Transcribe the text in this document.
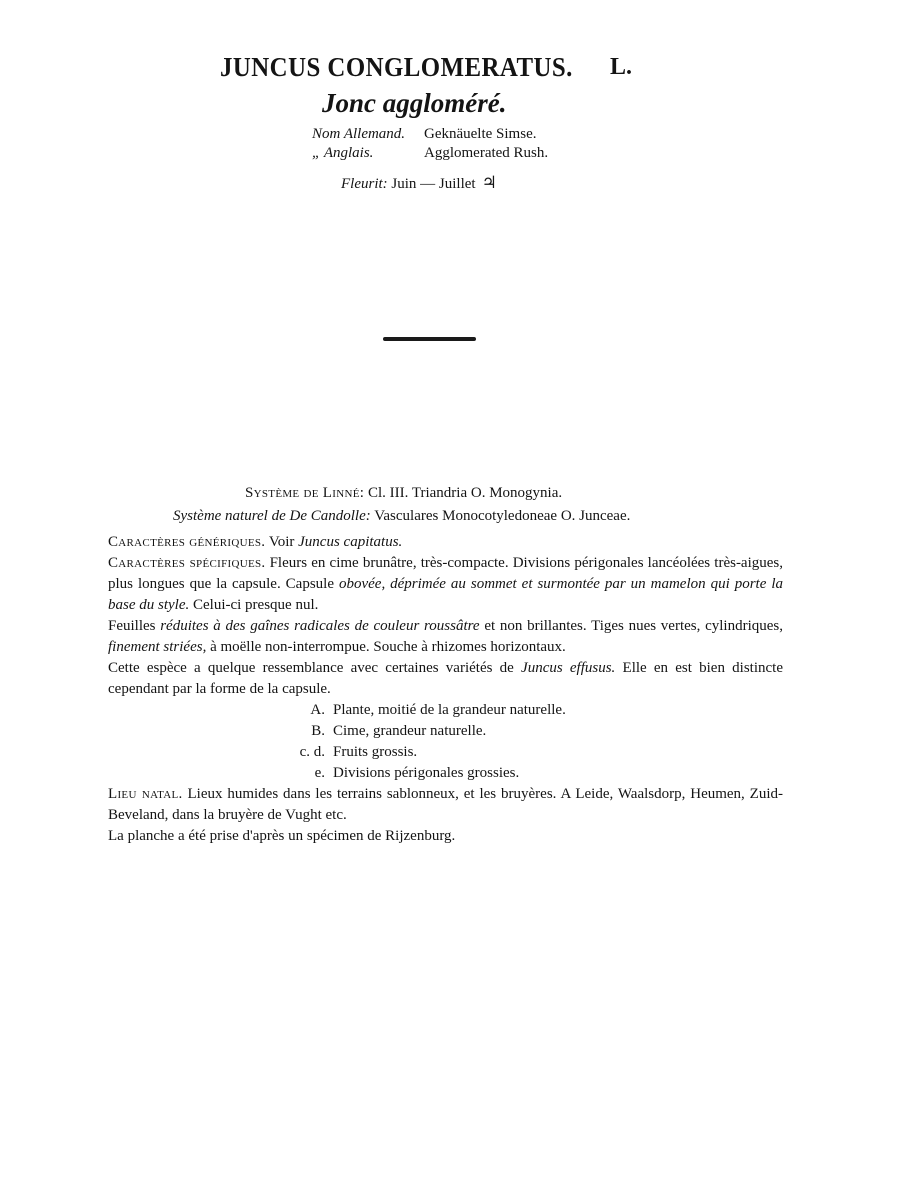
JUNCUS CONGLOMERATUS. L.
Jonc aggloméré.
Nom Allemand. Geknäuelte Simse.
„ Anglais.	Agglomerated Rush.
Fleurit: Juin — Juillet ♃
Système de Linné: Cl. III. Triandria O. Monogynia.
Système naturel de De Candolle: Vasculares Monocotyledoneae O. Junceae.

Caractères génériques. Voir Juncus capitatus.

Caractères spécifiques. Fleurs en cime brunâtre, très-compacte. Divisions périgonales lancéolées très-aigues, plus longues que la capsule. Capsule obovée, déprimée au sommet et surmontée par un mamelon qui porte la base du style. Celui-ci presque nul.

Feuilles réduites à des gaînes radicales de couleur roussâtre et non brillantes. Tiges nues vertes, cylindriques, finement striées, à moëlle non-interrompue. Souche à rhizomes horizontaux.

Cette espèce a quelque ressemblance avec certaines variétés de Juncus effusus. Elle en est bien distincte cependant par la forme de la capsule.

A. Plante, moitié de la grandeur naturelle.
B. Cime, grandeur naturelle.
c. d. Fruits grossis.
e. Divisions périgonales grossies.

Lieu natal. Lieux humides dans les terrains sablonneux, et les bruyères. A Leide, Waalsdorp, Heumen, Zuid-Beveland, dans la bruyère de Vught etc.

La planche a été prise d'après un spécimen de Rijzenburg.
